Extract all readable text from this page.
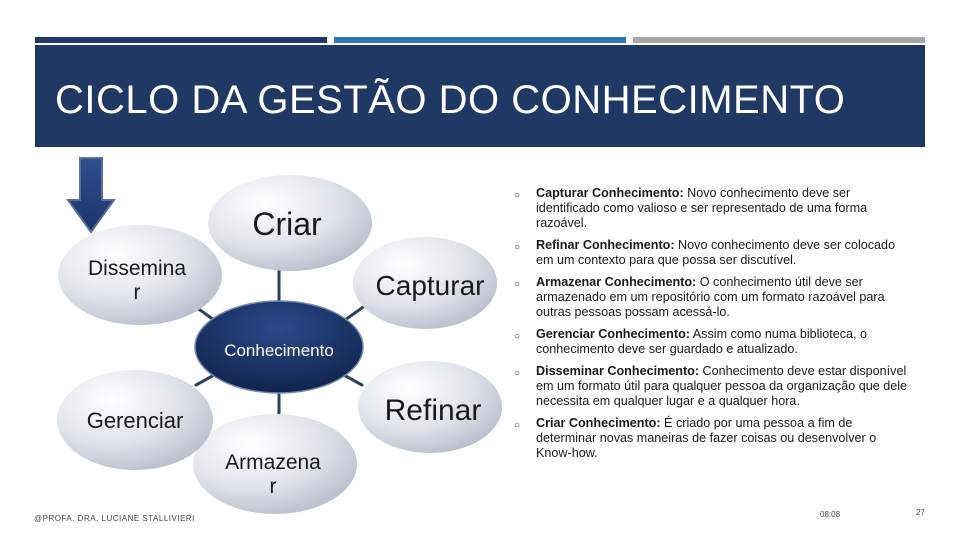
CICLO DA GESTÃO DO CONHECIMENTO
Criar
Capturar
Refinar
Armazena
r
Gerenciar
Dissemina
r
Conhecimento
○ Capturar Conhecimento: Novo conhecimento deve ser identificado como valioso e ser representado de uma forma razoável.
○ Refinar Conhecimento: Novo conhecimento deve ser colocado em um contexto para que possa ser discutível.
○ Armazenar Conhecimento: O conhecimento útil deve ser armazenado em um repositório com um formato razoável para outras pessoas possam acessá-lo.
○ Gerenciar Conhecimento: Assim como numa biblioteca, o conhecimento deve ser guardado e atualizado.
○ Disseminar Conhecimento: Conhecimento deve estar disponível em um formato útil para qualquer pessoa da organização que dele necessita em qualquer lugar e a qualquer hora.
○ Criar Conhecimento: É criado por uma pessoa a fim de determinar novas maneiras de fazer coisas ou desenvolver o Know-how.
@PROFA. DRA. LUCIANE STALLIVIERI	08:08	27
